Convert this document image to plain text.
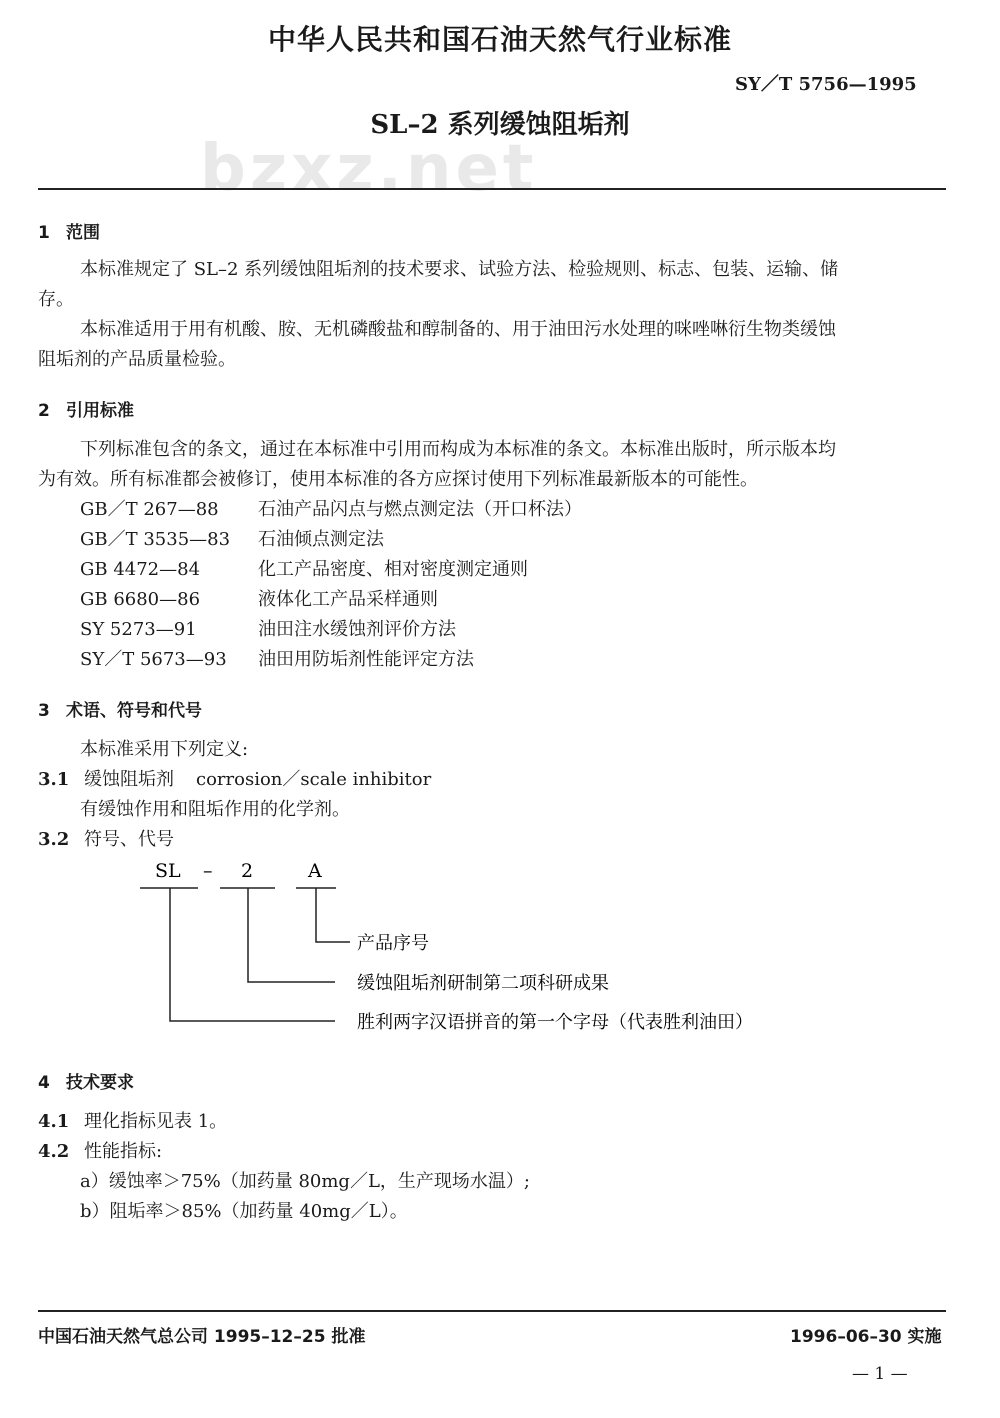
中华人民共和国石油天然气行业标准
SY／T 5756—1995
SL–2 系列缓蚀阻垢剂
bzxz.net
1 范围
本标准规定了 SL–2 系列缓蚀阻垢剂的技术要求、试验方法、检验规则、标志、包装、运输、储
存。
本标准适用于用有机酸、胺、无机磷酸盐和醇制备的、用于油田污水处理的咪唑啉衍生物类缓蚀
阻垢剂的产品质量检验。
2 引用标准
下列标准包含的条文，通过在本标准中引用而构成为本标准的条文。本标准出版时，所示版本均
为有效。所有标准都会被修订，使用本标准的各方应探讨使用下列标准最新版本的可能性。
GB／T 267—88 石油产品闪点与燃点测定法（开口杯法）
GB／T 3535—83 石油倾点测定法
GB 4472—84	化工产品密度、相对密度测定通则
GB 6680—86	液体化工产品采样通则
SY 5273—91	油田注水缓蚀剂评价方法
SY／T 5673—93 油田用防垢剂性能评定方法
3 术语、符号和代号
本标准采用下列定义:
3.1 缓蚀阻垢剂 corrosion／scale inhibitor
有缓蚀作用和阻垢作用的化学剂。
3.2 符号、代号
SL – 2	A
产品序号
缓蚀阻垢剂研制第二项科研成果
胜利两字汉语拼音的第一个字母（代表胜利油田）
4 技术要求
4.1 理化指标见表 1。
4.2 性能指标:
a）缓蚀率＞75%（加药量 80mg／L，生产现场水温）;
b）阻垢率＞85%（加药量 40mg／L）。
中国石油天然气总公司 1995–12–25 批准	1996–06–30 实施
— 1 —
